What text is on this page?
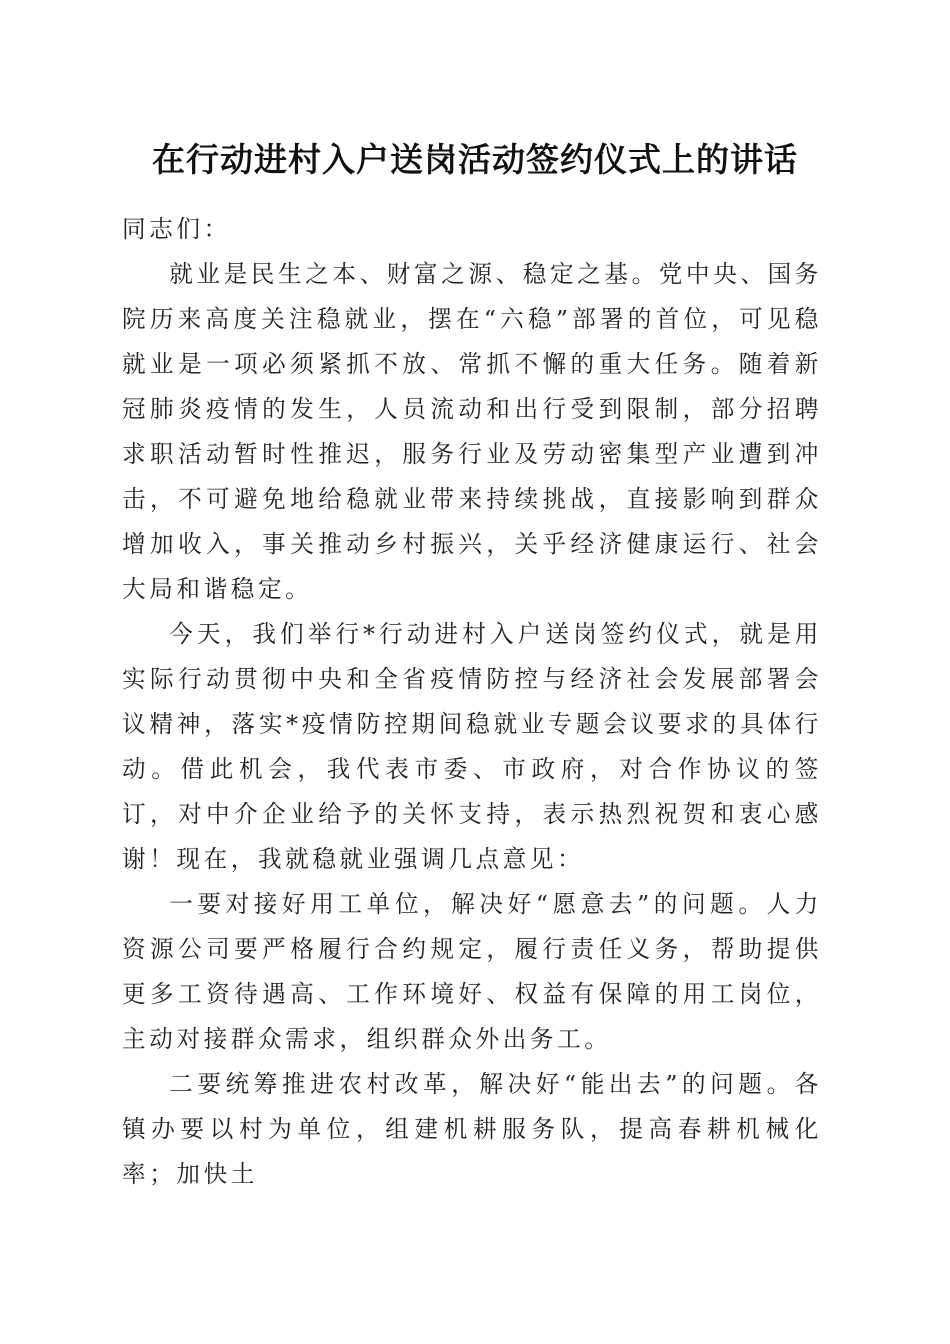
在行动进村入户送岗活动签约仪式上的讲话

同志们：

就业是民生之本、财富之源、稳定之基。党中央、国务院历来高度关注稳就业，摆在“六稳”部署的首位，可见稳就业是一项必须紧抓不放、常抓不懈的重大任务。随着新冠肺炎疫情的发生，人员流动和出行受到限制，部分招聘求职活动暂时性推迟，服务行业及劳动密集型产业遭到冲击，不可避免地给稳就业带来持续挑战，直接影响到群众增加收入，事关推动乡村振兴，关乎经济健康运行、社会大局和谐稳定。

今天，我们举行*行动进村入户送岗签约仪式，就是用实际行动贯彻中央和全省疫情防控与经济社会发展部署会议精神，落实*疫情防控期间稳就业专题会议要求的具体行动。借此机会，我代表市委、市政府，对合作协议的签订，对中介企业给予的关怀支持，表示热烈祝贺和衷心感谢！现在，我就稳就业强调几点意见：

一要对接好用工单位，解决好“愿意去”的问题。人力资源公司要严格履行合约规定，履行责任义务，帮助提供更多工资待遇高、工作环境好、权益有保障的用工岗位，主动对接群众需求，组织群众外出务工。

二要统筹推进农村改革，解决好“能出去”的问题。各镇办要以村为单位，组建机耕服务队，提高春耕机械化率；加快土
